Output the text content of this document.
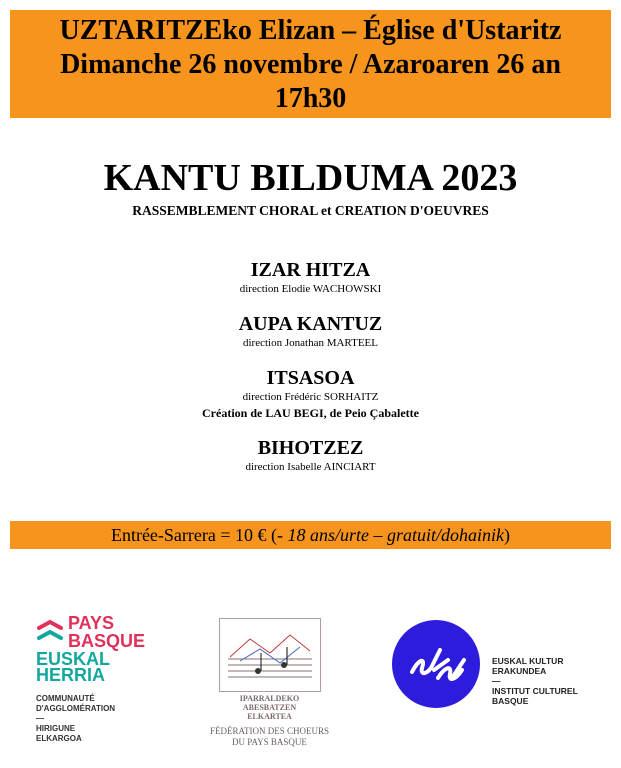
UZTARITZEko Elizan – Église d'Ustaritz
Dimanche 26 novembre / Azaroaren 26 an
17h30
KANTU BILDUMA 2023
RASSEMBLEMENT CHORAL et CREATION D'OEUVRES
IZAR HITZA
direction Elodie WACHOWSKI
AUPA KANTUZ
direction Jonathan MARTEEL
ITSASOA
direction Frédéric SORHAITZ
Création de LAU BEGI, de Peio Çabalette
BIHOTZEZ
direction Isabelle AINCIART
Entrée-Sarrera = 10 € (- 18 ans/urte – gratuit/dohainik)
PAYS
BASQUE
EUSKAL
HERRIA
COMMUNAUTÉ
D'AGGLOMÉRATION
—
HIRIGUNE
ELKARGOA
IPARRALDEKO
ABESBATZEN
ELKARTEA
FÉDÉRATION DES CHOEURS
DU PAYS BASQUE
EUSKAL KULTUR
ERAKUNDEA
—
INSTITUT CULTUREL
BASQUE
